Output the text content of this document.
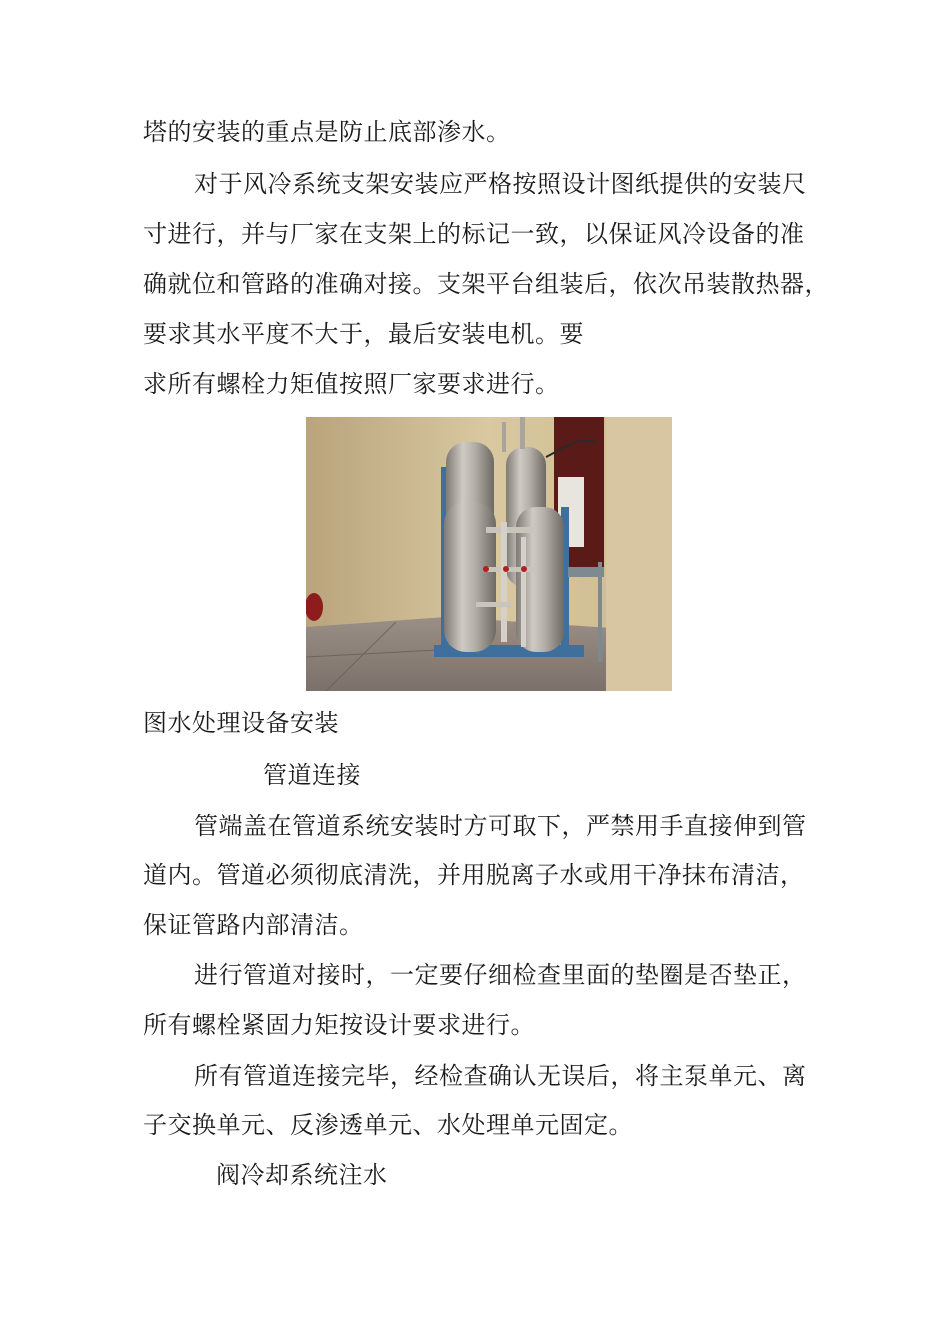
塔的安装的重点是防止底部渗水。
对于风冷系统支架安装应严格按照设计图纸提供的安装尺
寸进行，并与厂家在支架上的标记一致，以保证风冷设备的准
确就位和管路的准确对接。支架平台组装后，依次吊装散热器，
要求其水平度不大于，最后安装电机。要
求所有螺栓力矩值按照厂家要求进行。
图水处理设备安装
管道连接
管端盖在管道系统安装时方可取下，严禁用手直接伸到管
道内。管道必须彻底清洗，并用脱离子水或用干净抹布清洁，
保证管路内部清洁。
进行管道对接时，一定要仔细检查里面的垫圈是否垫正，
所有螺栓紧固力矩按设计要求进行。
所有管道连接完毕，经检查确认无误后，将主泵单元、离
子交换单元、反渗透单元、水处理单元固定。
阀冷却系统注水
